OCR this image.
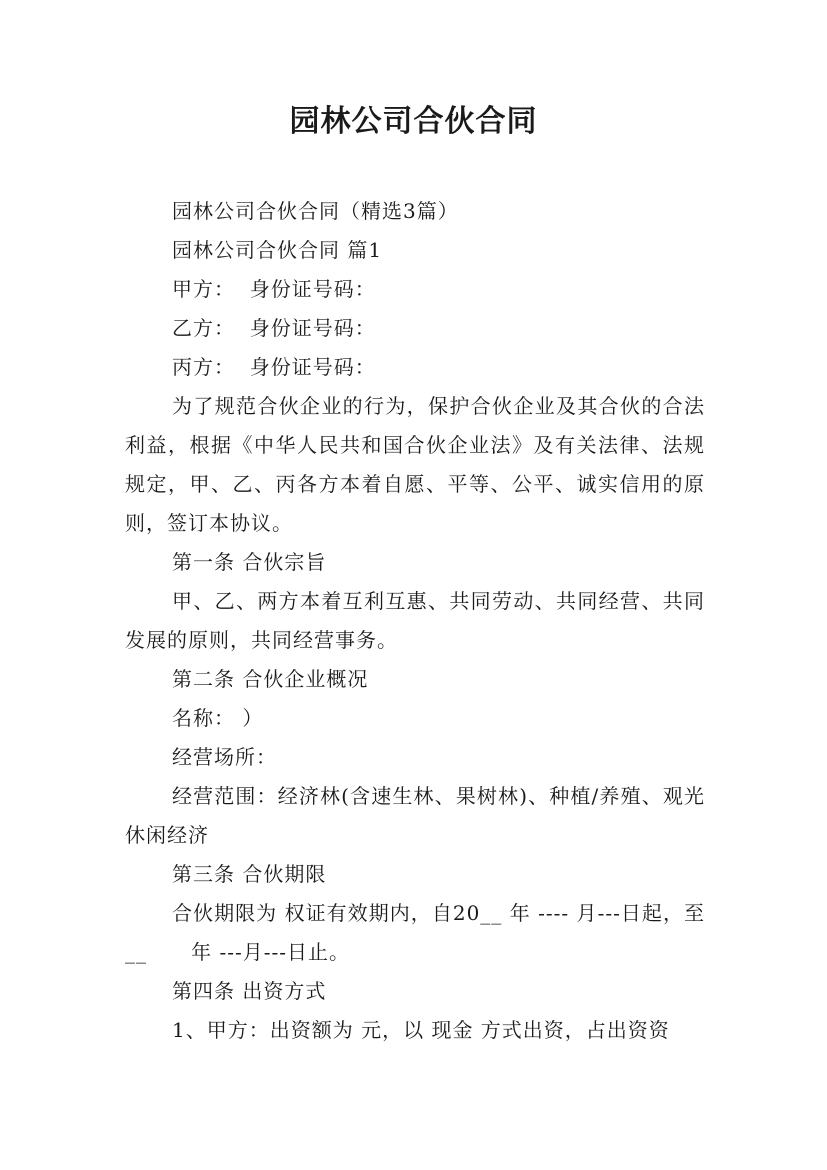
园林公司合伙合同

园林公司合伙合同（精选3篇）

园林公司合伙合同 篇1

甲方：  身份证号码：

乙方：  身份证号码：

丙方：  身份证号码：

为了规范合伙企业的行为，保护合伙企业及其合伙的合法利益，根据《中华人民共和国合伙企业法》及有关法律、法规规定，甲、乙、丙各方本着自愿、平等、公平、诚实信用的原则，签订本协议。

第一条 合伙宗旨

甲、乙、两方本着互利互惠、共同劳动、共同经营、共同发展的原则，共同经营事务。

第二条 合伙企业概况

名称： ）

经营场所：

经营范围：经济林(含速生林、果树林)、种植/养殖、观光休闲经济

第三条 合伙期限

合伙期限为 权证有效期内，自20__ 年 ---- 月---日起，至  __      年 ---月---日止。

第四条 出资方式

1、甲方：出资额为 元，以 现金 方式出资，占出资资
